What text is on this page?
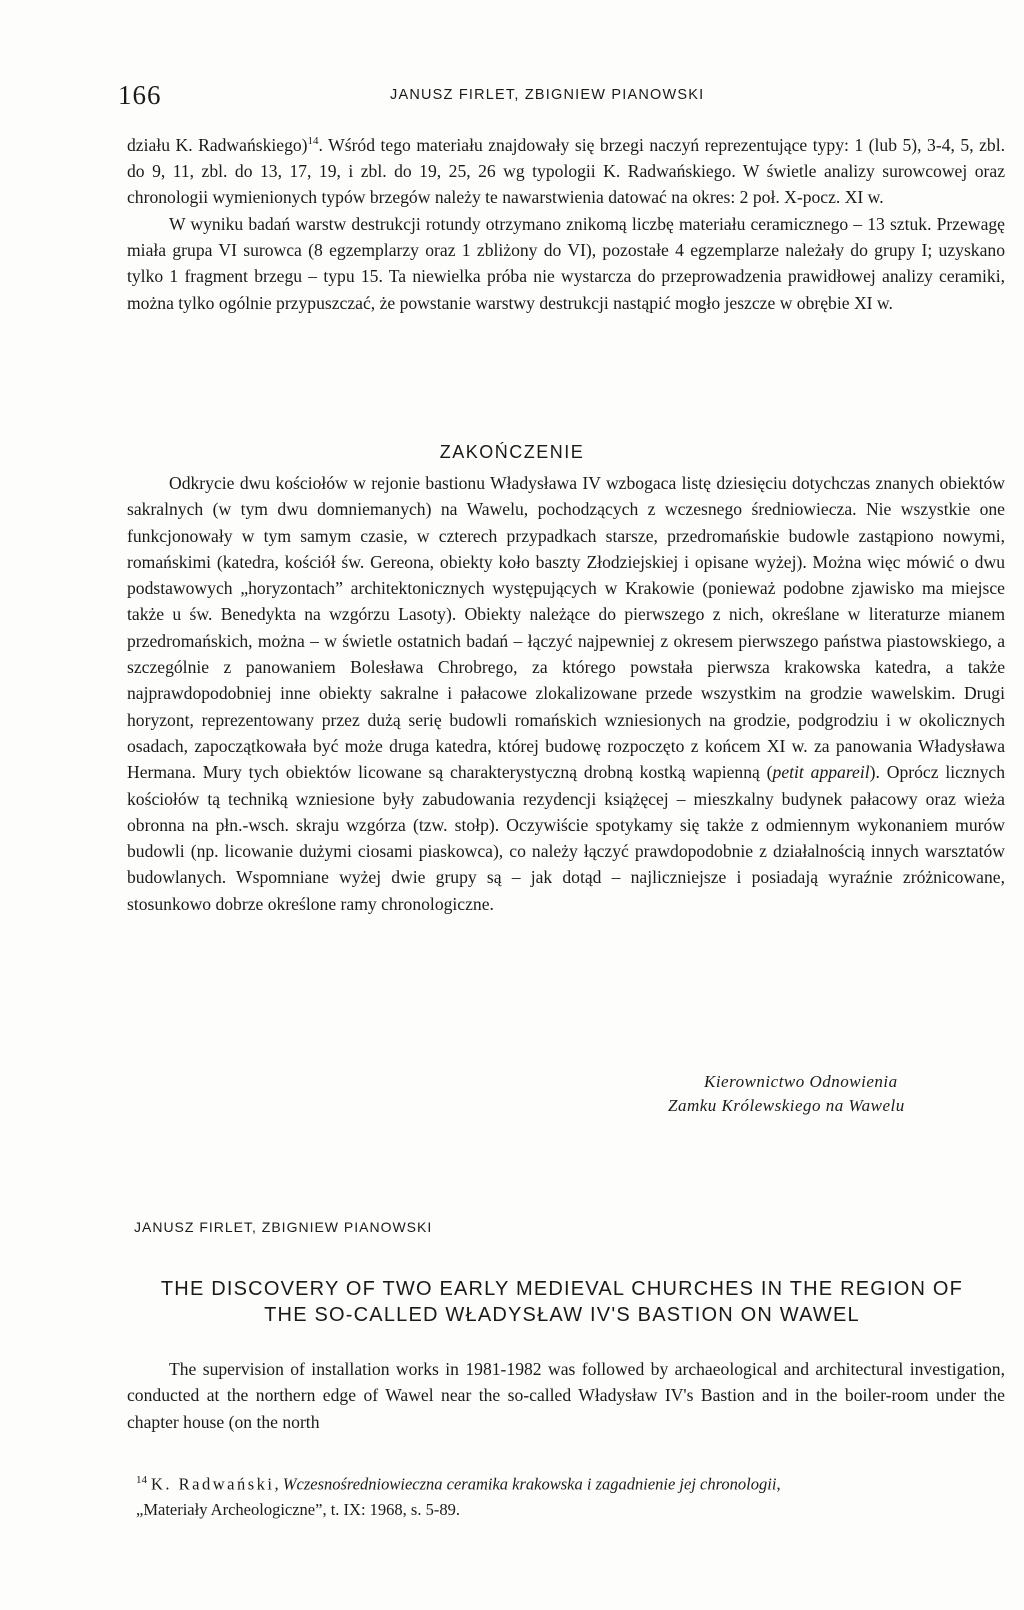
166	JANUSZ FIRLET, ZBIGNIEW PIANOWSKI

działu K. Radwańskiego)$^{14}$. Wśród tego materiału znajdowały się brzegi naczyń reprezentujące typy: 1 (lub 5), 3-4, 5, zbl. do 9, 11, zbl. do 13, 17, 19, i zbl. do 19, 25, 26 wg typologii K. Radwańskiego. W świetle analizy surowcowej oraz chronologii wymienionych typów brzegów należy te nawarstwienia datować na okres: 2 poł. X-pocz. XI w.

W wyniku badań warstw destrukcji rotundy otrzymano znikomą liczbę materiału ceramicznego – 13 sztuk. Przewagę miała grupa VI surowca (8 egzemplarzy oraz 1 zbliżony do VI), pozostałe 4 egzemplarze należały do grupy I; uzyskano tylko 1 fragment brzegu – typu 15. Ta niewielka próba nie wystarcza do przeprowadzenia prawidłowej analizy ceramiki, można tylko ogólnie przypuszczać, że powstanie warstwy destrukcji nastąpić mogło jeszcze w obrębie XI w.

ZAKOŃCZENIE

Odkrycie dwu kościołów w rejonie bastionu Władysława IV wzbogaca listę dziesięciu dotychczas znanych obiektów sakralnych (w tym dwu domniemanych) na Wawelu, pochodzących z wczesnego średniowiecza. Nie wszystkie one funkcjonowały w tym samym czasie, w czterech przypadkach starsze, przedromańskie budowle zastąpiono nowymi, romańskimi (katedra, kościół św. Gereona, obiekty koło baszty Złodziejskiej i opisane wyżej). Można więc mówić o dwu podstawowych „horyzontach” architektonicznych występujących w Krakowie (ponieważ podobne zjawisko ma miejsce także u św. Benedykta na wzgórzu Lasoty). Obiekty należące do pierwszego z nich, określane w literaturze mianem przedromańskich, można – w świetle ostatnich badań – łączyć najpewniej z okresem pierwszego państwa piastowskiego, a szczególnie z panowaniem Bolesława Chrobrego, za którego powstała pierwsza krakowska katedra, a także najprawdopodobniej inne obiekty sakralne i pałacowe zlokalizowane przede wszystkim na grodzie wawelskim. Drugi horyzont, reprezentowany przez dużą serię budowli romańskich wzniesionych na grodzie, podgrodziu i w okolicznych osadach, zapoczątkowała być może druga katedra, której budowę rozpoczęto z końcem XI w. za panowania Władysława Hermana. Mury tych obiektów licowane są charakterystyczną drobną kostką wapienną (petit appareil). Oprócz licznych kościołów tą techniką wzniesione były zabudowania rezydencji książęcej – mieszkalny budynek pałacowy oraz wieża obronna na płn.-wsch. skraju wzgórza (tzw. stołp). Oczywiście spotykamy się także z odmiennym wykonaniem murów budowli (np. licowanie dużymi ciosami piaskowca), co należy łączyć prawdopodobnie z działalnością innych warsztatów budowlanych. Wspomniane wyżej dwie grupy są – jak dotąd – najliczniejsze i posiadają wyraźnie zróżnicowane, stosunkowo dobrze określone ramy chronologiczne.

Kierownictwo Odnowienia
Zamku Królewskiego na Wawelu
JANUSZ FIRLET, ZBIGNIEW PIANOWSKI
THE DISCOVERY OF TWO EARLY MEDIEVAL CHURCHES IN THE REGION OF
THE SO-CALLED WŁADYSŁAW IV'S BASTION ON WAWEL

The supervision of installation works in 1981-1982 was followed by archaeological and architectural investigation, conducted at the northern edge of Wawel near the so-called Władysław IV's Bastion and in the boiler-room under the chapter house (on the north

$^{14}$ K. Radwański, Wczesnośredniowieczna ceramika krakowska i zagadnienie jej chronologii,
„Materiały Archeologiczne”, t. IX: 1968, s. 5-89.
